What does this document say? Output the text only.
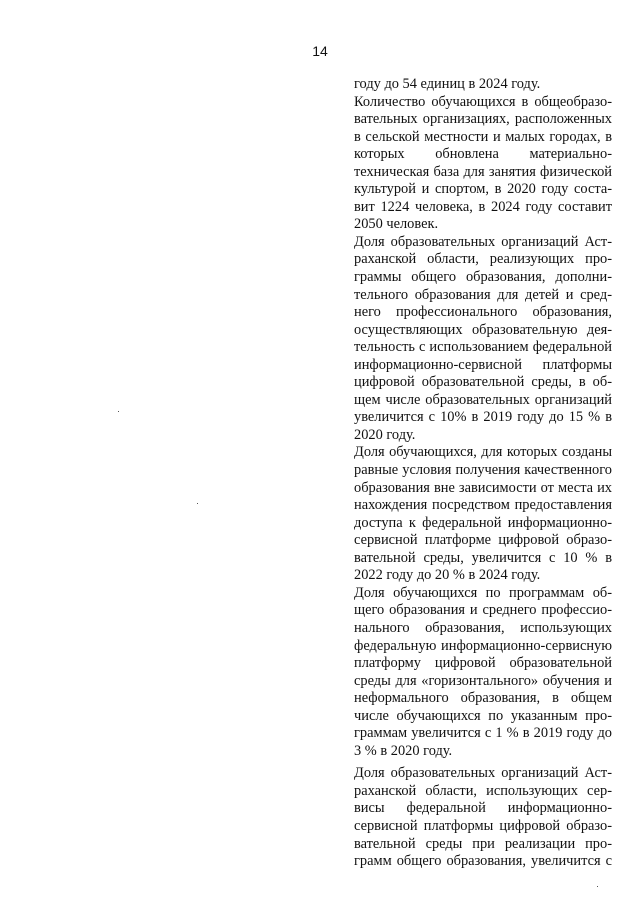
14

году до 54 единиц в 2024 году.

Количество обучающихся в общеобразо-
вательных организациях, расположенных
в сельской местности и малых городах, в
которых обновлена материально-
техническая база для занятия физической
культурой и спортом, в 2020 году соста-
вит 1224 человека, в 2024 году составит
2050 человек.

Доля образовательных организаций Аст-
раханской области, реализующих про-
граммы общего образования, дополни-
тельного образования для детей и сред-
него профессионального образования,
осуществляющих образовательную дея-
тельность с использованием федеральной
информационно-сервисной платформы
цифровой образовательной среды, в об-
щем числе образовательных организаций
увеличится с 10% в 2019 году до 15 % в
2020 году.

Доля обучающихся, для которых созданы
равные условия получения качественного
образования вне зависимости от места их
нахождения посредством предоставления
доступа к федеральной информационно-
сервисной платформе цифровой образо-
вательной среды, увеличится с 10 % в
2022 году до 20 % в 2024 году.

Доля обучающихся по программам об-
щего образования и среднего профессио-
нального образования, использующих
федеральную информационно-сервисную
платформу цифровой образовательной
среды для «горизонтального» обучения и
неформального образования, в общем
числе обучающихся по указанным про-
граммам увеличится с 1 % в 2019 году до
3 % в 2020 году.

Доля образовательных организаций Аст-
раханской области, использующих сер-
висы федеральной информационно-
сервисной платформы цифровой образо-
вательной среды при реализации про-
грамм общего образования, увеличится с
